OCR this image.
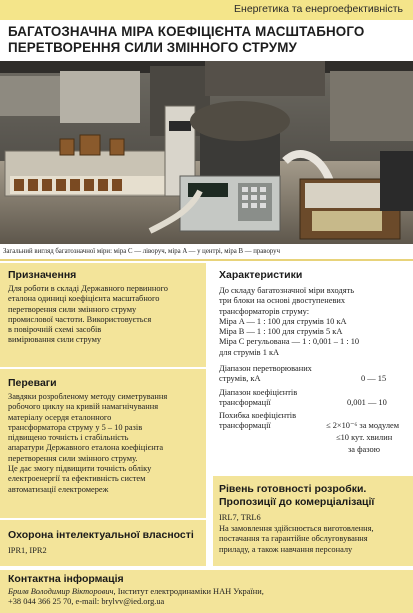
Енергетика та енергоефективність
БАГАТОЗНАЧНА МІРА КОЕФІЦІЄНТА МАСШТАБНОГО
ПЕРЕТВОРЕННЯ СИЛИ ЗМІННОГО СТРУМУ
Загальний вигляд багатозначної міри: міра C — ліворуч, міра A — у центрі, міра B — праворуч
Призначення
Для роботи в складі Державного первинного
еталона одиниці коефіцієнта масштабного
перетворення сили змінного струму
промислової частоти. Використовується
в повірочній схемі засобів
вимірювання сили струму
Переваги
Завдяки розробленому методу симетрування
робочого циклу на кривій намагнічування
матеріалу осердя еталонного
трансформатора струму у 5 – 10 разів
підвищено точність і стабільність
апаратури Державного еталона коефіцієнта
перетворення сили змінного струму.
Це дає змогу підвищити точність обліку
електроенергії та ефективність систем
автоматизації електромереж
Охорона інтелектуальної власності
IPR1, IPR2
Характеристики
До складу багатозначної міри входять
три блоки на основі двоступеневих
трансформаторів струму:
Міра A — 1 : 100 для струмів 10 кА
Міра B — 1 : 100 для струмів 5 кА
Міра C регульована — 1 : 0,001 – 1 : 10
для струмів 1 кА
Діапазон перетворюваних
струмів, кА	0 — 15
Діапазон коефіцієнтів
трансформації	0,001 — 10
Похибка коефіцієнтів
трансформації	≤ 2×10⁻⁶ за модулем
≤10 кут. хвилин
за фазою
Рівень готовності розробки.
Пропозиції до комерціалізації
IRL7, TRL6
На замовлення здійснюється виготовлення,
постачання та гарантійне обслуговування
приладу, а також навчання персоналу
Контактна інформація
Брилв Володимир Вікторович, Інститут електродинаміки НАН України,
+38 044 366 25 70, e-mail: brylvv@ied.org.ua
